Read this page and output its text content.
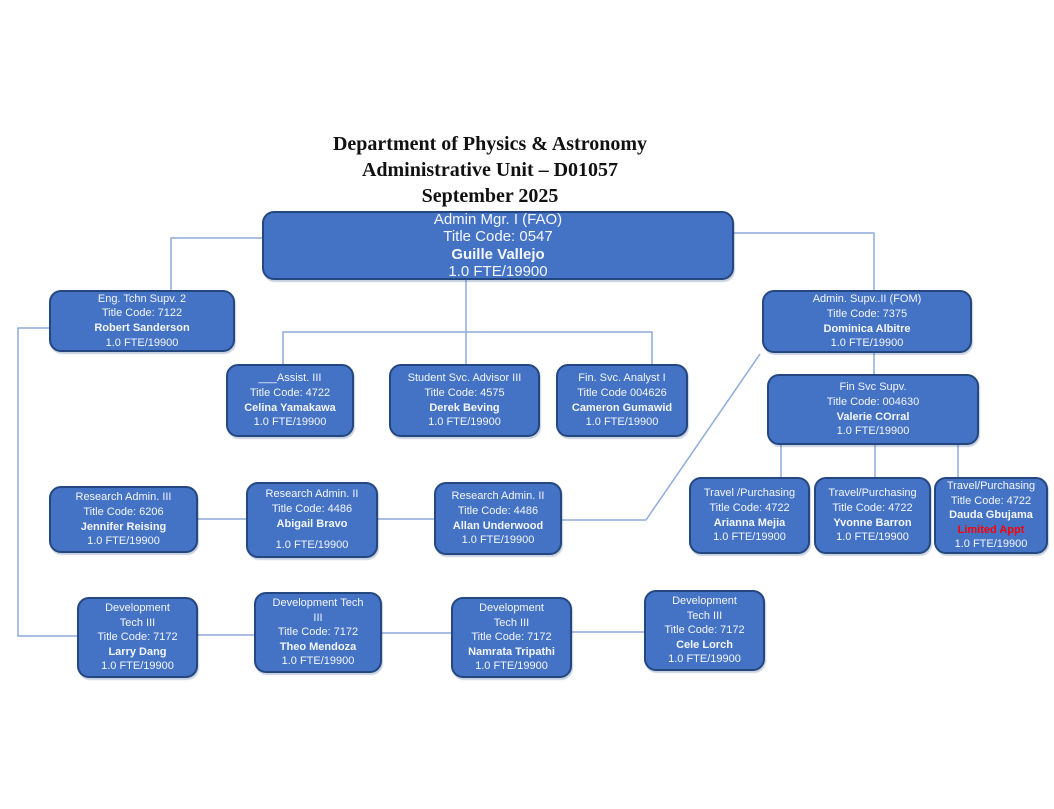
Department of Physics & Astronomy
Administrative Unit – D01057
September 2025
Admin Mgr. I (FAO)
Title Code: 0547
Guille Vallejo
1.0 FTE/19900
Eng. Tchn Supv. 2
Title Code: 7122
Robert Sanderson
1.0 FTE/19900
Admin. Supv..II (FOM)
Title Code: 7375
Dominica Albitre
1.0 FTE/19900
___Assist. III
Title Code: 4722
Celina Yamakawa
1.0 FTE/19900
Student Svc. Advisor III
Title Code: 4575
Derek Beving
1.0 FTE/19900
Fin. Svc. Analyst I
Title Code 004626
Cameron Gumawid
1.0 FTE/19900
Fin Svc Supv.
Title Code: 004630
Valerie COrral
1.0 FTE/19900
Research Admin. III
Title Code: 6206
Jennifer Reising
1.0 FTE/19900
Research Admin. II
Title Code: 4486
Abigail Bravo
1.0 FTE/19900
Research Admin. II
Title Code: 4486
Allan Underwood
1.0 FTE/19900
Travel /Purchasing
Title Code: 4722
Arianna Mejia
1.0 FTE/19900
Travel/Purchasing
Title Code: 4722
Yvonne Barron
1.0 FTE/19900
Travel/Purchasing
Title Code: 4722
Dauda Gbujama
Limited Appt
1.0 FTE/19900
Development
Tech III
Title Code: 7172
Larry Dang
1.0 FTE/19900
Development Tech
III
Title Code: 7172
Theo Mendoza
1.0 FTE/19900
Development
Tech III
Title Code: 7172
Namrata Tripathi
1.0 FTE/19900
Development
Tech III
Title Code: 7172
Cele Lorch
1.0 FTE/19900
